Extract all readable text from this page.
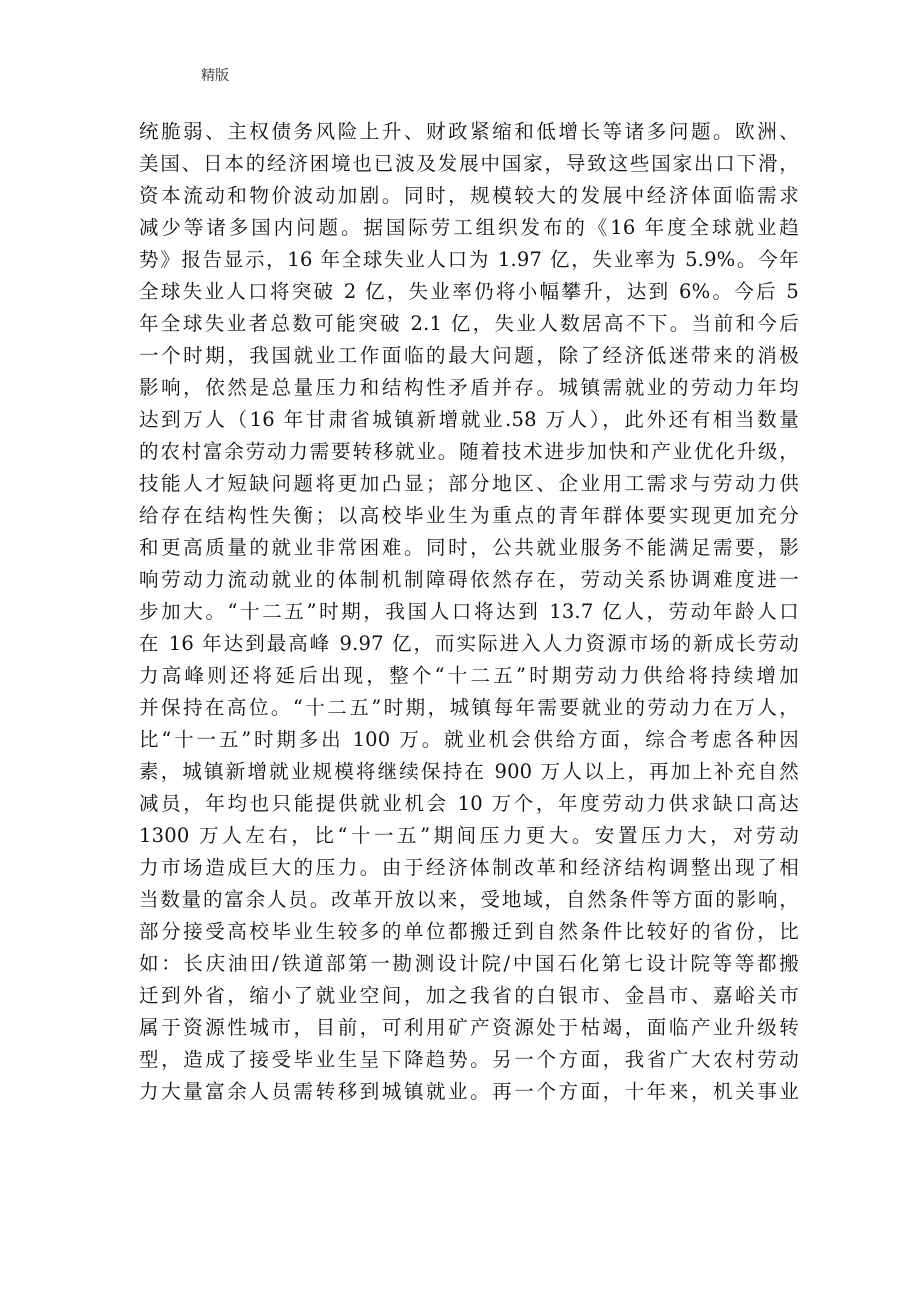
精版
统脆弱、主权债务风险上升、财政紧缩和低增长等诸多问题。欧洲、
美国、日本的经济困境也已波及发展中国家，导致这些国家出口下滑，
资本流动和物价波动加剧。同时，规模较大的发展中经济体面临需求
减少等诸多国内问题。据国际劳工组织发布的《16 年度全球就业趋
势》报告显示，16 年全球失业人口为 1.97 亿，失业率为 5.9%。今年
全球失业人口将突破 2 亿，失业率仍将小幅攀升，达到 6%。今后 5
年全球失业者总数可能突破 2.1 亿，失业人数居高不下。当前和今后
一个时期，我国就业工作面临的最大问题，除了经济低迷带来的消极
影响，依然是总量压力和结构性矛盾并存。城镇需就业的劳动力年均
达到万人（16 年甘肃省城镇新增就业.58 万人），此外还有相当数量
的农村富余劳动力需要转移就业。随着技术进步加快和产业优化升级，
技能人才短缺问题将更加凸显；部分地区、企业用工需求与劳动力供
给存在结构性失衡；以高校毕业生为重点的青年群体要实现更加充分
和更高质量的就业非常困难。同时，公共就业服务不能满足需要，影
响劳动力流动就业的体制机制障碍依然存在，劳动关系协调难度进一
步加大。“十二五”时期，我国人口将达到 13.7 亿人，劳动年龄人口
在 16 年达到最高峰 9.97 亿，而实际进入人力资源市场的新成长劳动
力高峰则还将延后出现，整个“十二五”时期劳动力供给将持续增加
并保持在高位。“十二五”时期，城镇每年需要就业的劳动力在万人，
比“十一五”时期多出 100 万。就业机会供给方面，综合考虑各种因
素，城镇新增就业规模将继续保持在 900 万人以上，再加上补充自然
减员，年均也只能提供就业机会 10 万个，年度劳动力供求缺口高达
1300 万人左右，比“十一五”期间压力更大。安置压力大，对劳动
力市场造成巨大的压力。由于经济体制改革和经济结构调整出现了相
当数量的富余人员。改革开放以来，受地域，自然条件等方面的影响，
部分接受高校毕业生较多的单位都搬迁到自然条件比较好的省份，比
如：长庆油田/铁道部第一勘测设计院/中国石化第七设计院等等都搬
迁到外省，缩小了就业空间，加之我省的白银市、金昌市、嘉峪关市
属于资源性城市，目前，可利用矿产资源处于枯竭，面临产业升级转
型，造成了接受毕业生呈下降趋势。另一个方面，我省广大农村劳动
力大量富余人员需转移到城镇就业。再一个方面，十年来，机关事业
